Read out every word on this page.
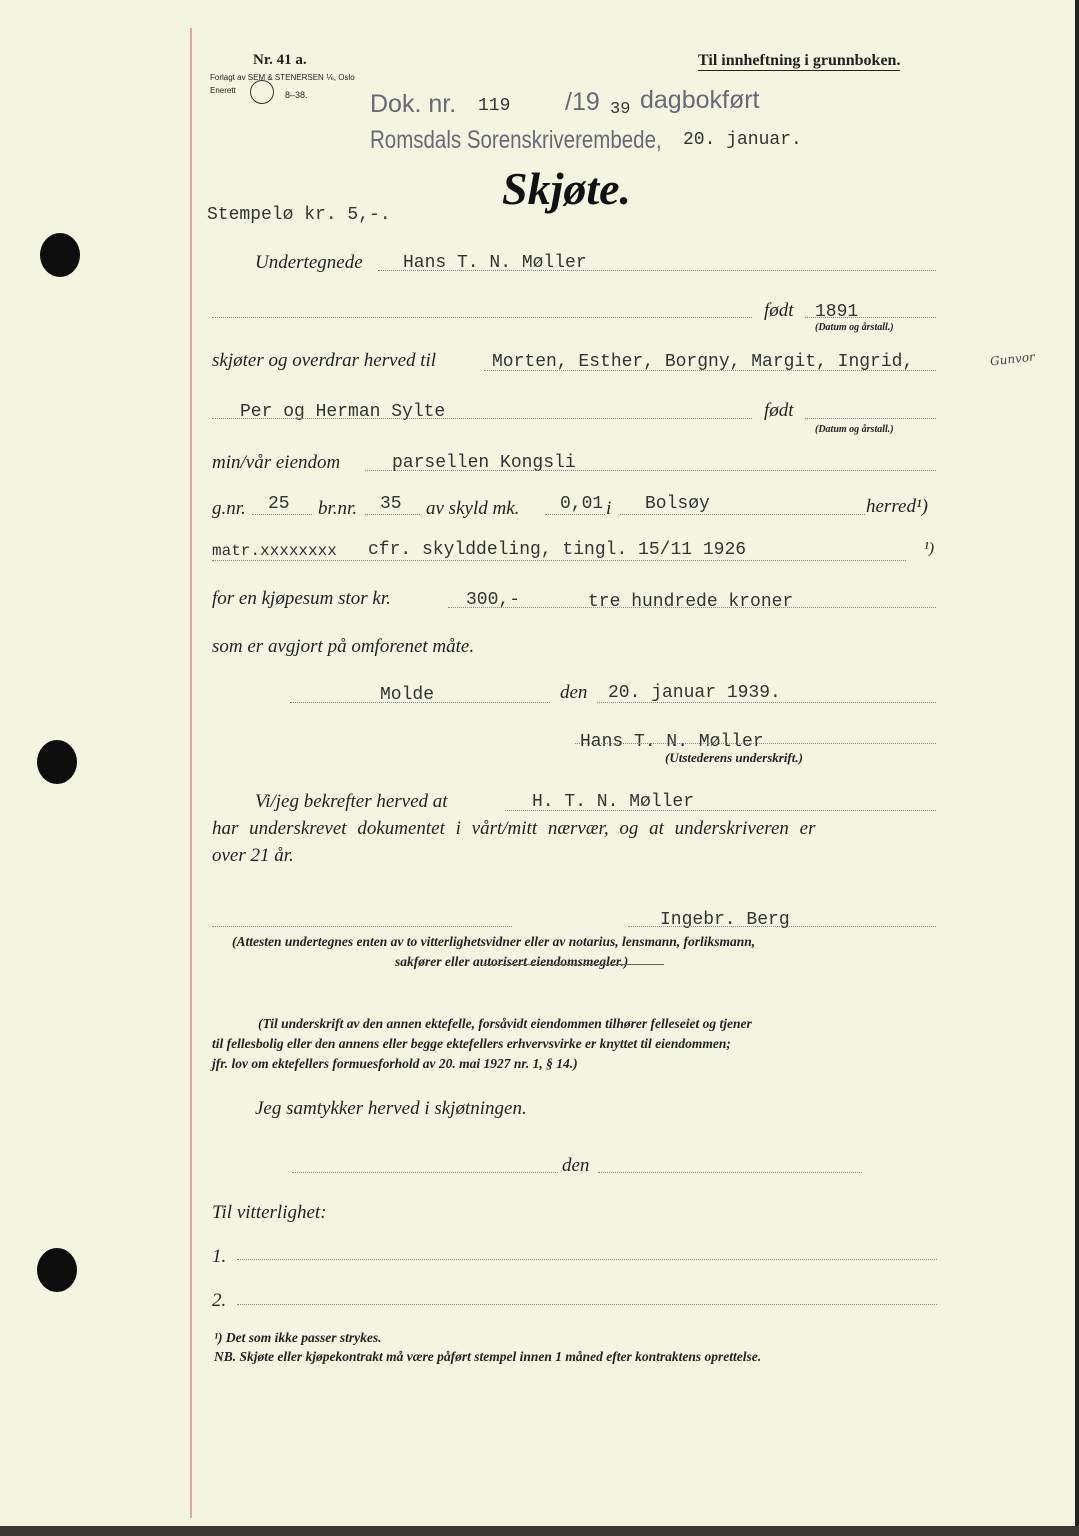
Nr. 41 a.
Forlagt av SEM & STENERSEN ⅙, Oslo
Enerett	8–38.
Til innheftning i grunnboken.
Dok. nr. 119 /19 39 dagbokført
Romsdals Sorenskriverembede, 20. januar.
Skjøte.
Stempelø kr. 5,-.
Undertegnede Hans T. N. Møller
født 1891
(Datum og årstall.)
skjøter og overdrar herved til	Morten, Esther, Borgny, Margit, Ingrid,	Gunvor
Per og Herman Sylte	født
(Datum og årstall.)
min/vår eiendom	parsellen Kongsli
g.nr. 25 br.nr. 35 av skyld mk. 0,01 i Bolsøy	herred¹)
matr.xxxxxxxx cfr. skylddeling, tingl. 15/11 1926	¹)
for en kjøpesum stor kr.	300,-	tre hundrede kroner
som er avgjort på omforenet måte.
Molde	den 20. januar 1939.
Hans T. N. Møller
(Utstederens underskrift.)
Vi/jeg bekrefter herved at	H. T. N. Møller
har underskrevet dokumentet i vårt/mitt nærvær, og at underskriveren er
over 21 år.
Ingebr. Berg
(Attesten undertegnes enten av to vitterlighetsvidner eller av notarius, lensmann, forliksmann,
sakfører eller autorisert eiendomsmegler.)
(Til underskrift av den annen ektefelle, forsåvidt eiendommen tilhører felleseiet og tjener
til fellesbolig eller den annens eller begge ektefellers erhvervsvirke er knyttet til eiendommen;
jfr. lov om ektefellers formuesforhold av 20. mai 1927 nr. 1, § 14.)
Jeg samtykker herved i skjøtningen.
den
Til vitterlighet:
1.
2.
¹) Det som ikke passer strykes.
NB. Skjøte eller kjøpekontrakt må være påført stempel innen 1 måned efter kontraktens oprettelse.
